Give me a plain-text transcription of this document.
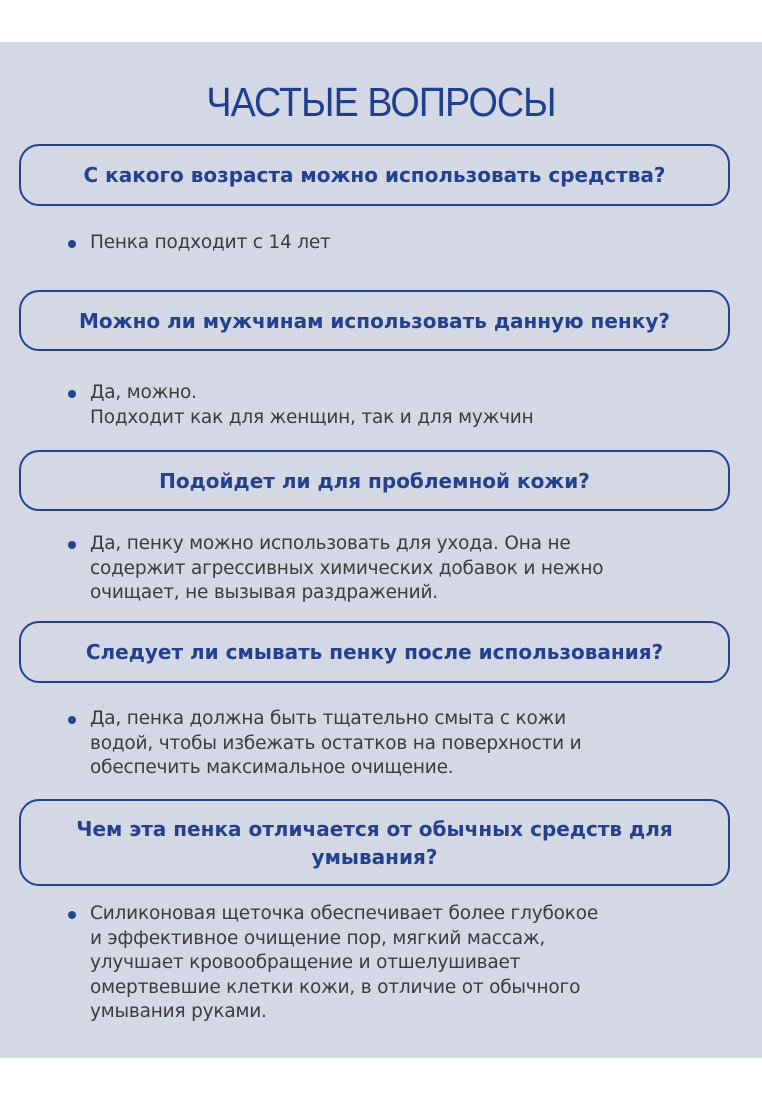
ЧАСТЫЕ ВОПРОСЫ
С какого возраста можно использовать средства?
Пенка подходит с 14 лет
Можно ли мужчинам использовать данную пенку?
Да, можно.
Подходит как для женщин, так и для мужчин
Подойдет ли для проблемной кожи?
Да, пенку можно использовать для ухода. Она не
содержит агрессивных химических добавок и нежно
очищает, не вызывая раздражений.
Следует ли смывать пенку после использования?
Да, пенка должна быть тщательно смыта с кожи
водой, чтобы избежать остатков на поверхности и
обеспечить максимальное очищение.
Чем эта пенка отличается от обычных средств для
умывания?
Силиконовая щеточка обеспечивает более глубокое
и эффективное очищение пор, мягкий массаж,
улучшает кровообращение и отшелушивает
омертвевшие клетки кожи, в отличие от обычного
умывания руками.
